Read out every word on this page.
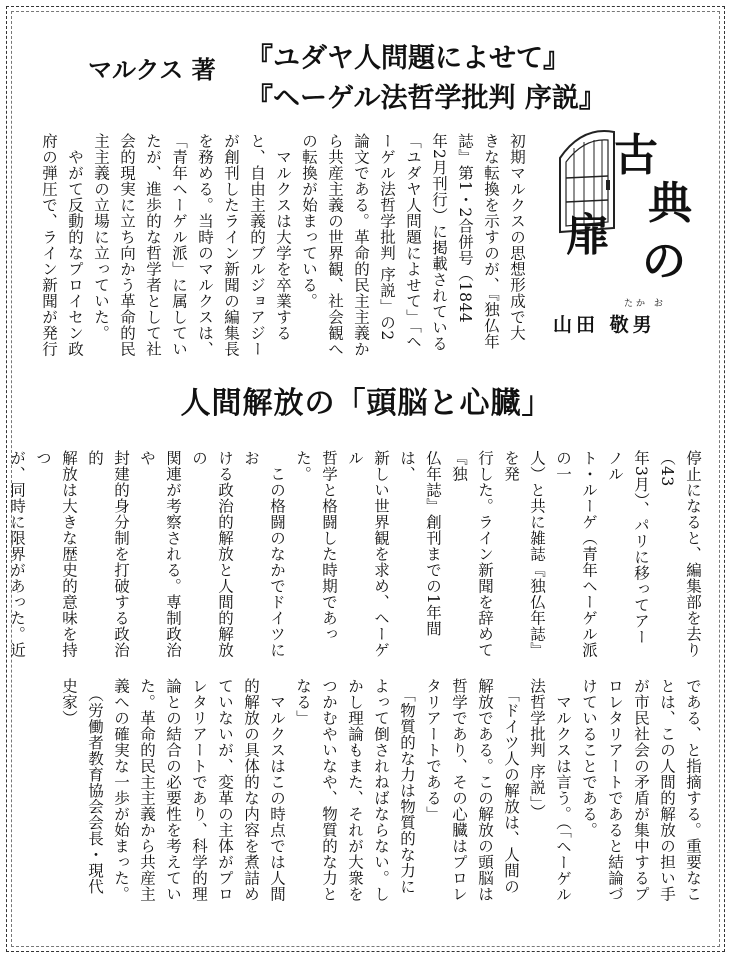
マルクス 著 『ユダヤ人問題によせて』
『ヘーゲル法哲学批判 序説』
古
典
扉
の
たか お
山田 敬男
初期マルクスの思想形成で大
きな転換を示すのが、『独仏年
誌』第1・2合併号（1844
年2月刊行）に掲載されている
「ユダヤ人問題によせて」「ヘ
ーゲル法哲学批判 序説」の2
論文である。革命的民主主義か
ら共産主義の世界観、社会観へ
の転換が始まっている。
　マルクスは大学を卒業する
と、自由主義的ブルジョアジー
が創刊したライン新聞の編集長
を務める。当時のマルクスは、
「青年ヘーゲル派」に属してい
たが、進歩的な哲学者として社
会的現実に立ち向かう革命的民
主主義の立場に立っていた。
　やがて反動的なプロイセン政
府の弾圧で、ライン新聞が発行
人間解放の「頭脳と心臓」
停止になると、編集部を去り（43
年3月）、パリに移ってアーノル
ト・ルーゲ（青年ヘーゲル派の一
人）と共に雑誌『独仏年誌』を発
行した。ライン新聞を辞めて『独
仏年誌』創刊までの1年間は、
新しい世界観を求め、ヘーゲル
哲学と格闘した時期であった。
　この格闘のなかでドイツにお
ける政治的解放と人間的解放の
関連が考察される。専制政治や
封建的身分制を打破する政治的
解放は大きな歴史的意味を持つ
が、同時に限界があった。近

である、と指摘する。重要なこ
とは、この人間的解放の担い手
が市民社会の矛盾が集中するプ
ロレタリアートであると結論づ
けていることである。
　マルクスは言う。（「ヘーゲル
法哲学批判 序説」）
　「ドイツ人の解放は、人間の
解放である。この解放の頭脳は
哲学であり、その心臓はプロレ
タリアートである」
　「物質的な力は物質的な力に
よって倒されねばならない。し
かし理論もまた、それが大衆を
つかむやいなや、物質的な力と
なる」
　マルクスはこの時点では人間
的解放の具体的な内容を煮詰め
ていないが、変革の主体がプロ
レタリアートであり、科学的理
論との結合の必要性を考えてい
た。革命的民主主義から共産主
義への確実な一歩が始まった。
　（労働者教育協会会長・現代
史家）
